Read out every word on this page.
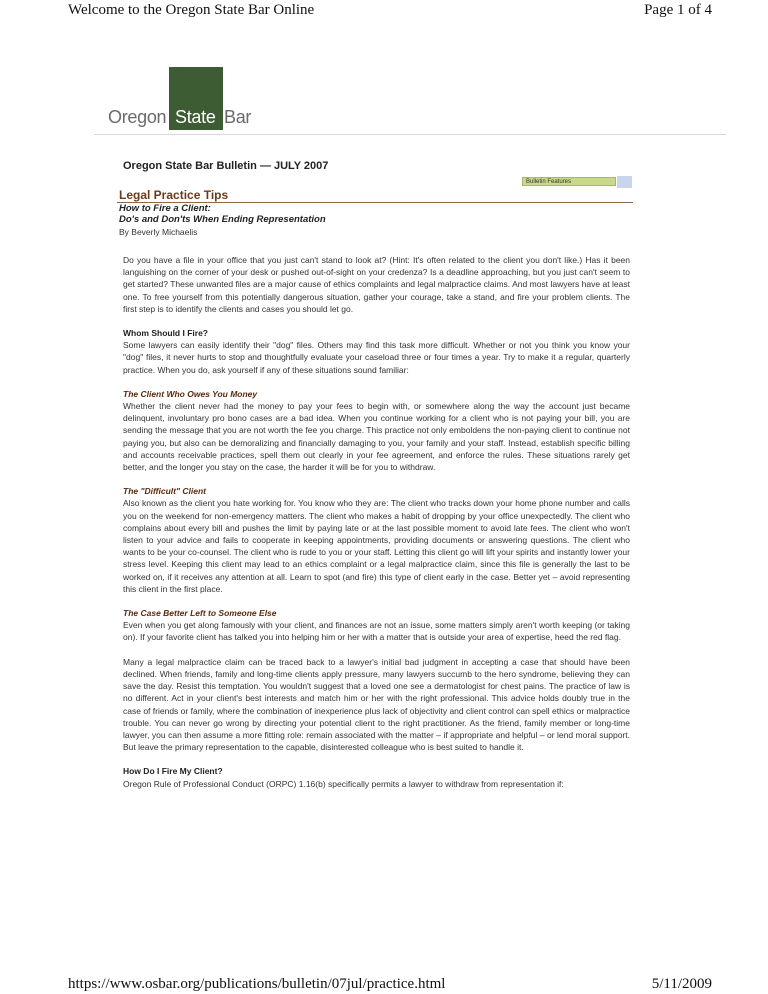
Welcome to the Oregon State Bar Online	Page 1 of 4
Oregon State Bar
Oregon State Bar Bulletin — JULY 2007
Bulletin Features
Legal Practice Tips
How to Fire a Client:
Do's and Don'ts When Ending Representation
By Beverly Michaelis

Do you have a file in your office that you just can't stand to look at? (Hint: It's often related to the client you don't like.) Has it been languishing on the corner of your desk or pushed out-of-sight on your credenza? Is a deadline approaching, but you just can't seem to get started? These unwanted files are a major cause of ethics complaints and legal malpractice claims. And most lawyers have at least one. To free yourself from this potentially dangerous situation, gather your courage, take a stand, and fire your problem clients. The first step is to identify the clients and cases you should let go.

Whom Should I Fire?

Some lawyers can easily identify their "dog" files. Others may find this task more difficult. Whether or not you think you know your "dog" files, it never hurts to stop and thoughtfully evaluate your caseload three or four times a year. Try to make it a regular, quarterly practice. When you do, ask yourself if any of these situations sound familiar:

The Client Who Owes You Money

Whether the client never had the money to pay your fees to begin with, or somewhere along the way the account just became delinquent, involuntary pro bono cases are a bad idea. When you continue working for a client who is not paying your bill, you are sending the message that you are not worth the fee you charge. This practice not only emboldens the non-paying client to continue not paying you, but also can be demoralizing and financially damaging to you, your family and your staff. Instead, establish specific billing and accounts receivable practices, spell them out clearly in your fee agreement, and enforce the rules. These situations rarely get better, and the longer you stay on the case, the harder it will be for you to withdraw.

The "Difficult" Client

Also known as the client you hate working for. You know who they are: The client who tracks down your home phone number and calls you on the weekend for non-emergency matters. The client who makes a habit of dropping by your office unexpectedly. The client who complains about every bill and pushes the limit by paying late or at the last possible moment to avoid late fees. The client who won't listen to your advice and fails to cooperate in keeping appointments, providing documents or answering questions. The client who wants to be your co-counsel. The client who is rude to you or your staff. Letting this client go will lift your spirits and instantly lower your stress level. Keeping this client may lead to an ethics complaint or a legal malpractice claim, since this file is generally the last to be worked on, if it receives any attention at all. Learn to spot (and fire) this type of client early in the case. Better yet – avoid representing this client in the first place.

The Case Better Left to Someone Else

Even when you get along famously with your client, and finances are not an issue, some matters simply aren't worth keeping (or taking on). If your favorite client has talked you into helping him or her with a matter that is outside your area of expertise, heed the red flag.

Many a legal malpractice claim can be traced back to a lawyer's initial bad judgment in accepting a case that should have been declined. When friends, family and long-time clients apply pressure, many lawyers succumb to the hero syndrome, believing they can save the day. Resist this temptation. You wouldn't suggest that a loved one see a dermatologist for chest pains. The practice of law is no different. Act in your client's best interests and match him or her with the right professional. This advice holds doubly true in the case of friends or family, where the combination of inexperience plus lack of objectivity and client control can spell ethics or malpractice trouble. You can never go wrong by directing your potential client to the right practitioner. As the friend, family member or long-time lawyer, you can then assume a more fitting role: remain associated with the matter – if appropriate and helpful – or lend moral support. But leave the primary representation to the capable, disinterested colleague who is best suited to handle it.

How Do I Fire My Client?

Oregon Rule of Professional Conduct (ORPC) 1.16(b) specifically permits a lawyer to withdraw from representation if:

https://www.osbar.org/publications/bulletin/07jul/practice.html	5/11/2009
